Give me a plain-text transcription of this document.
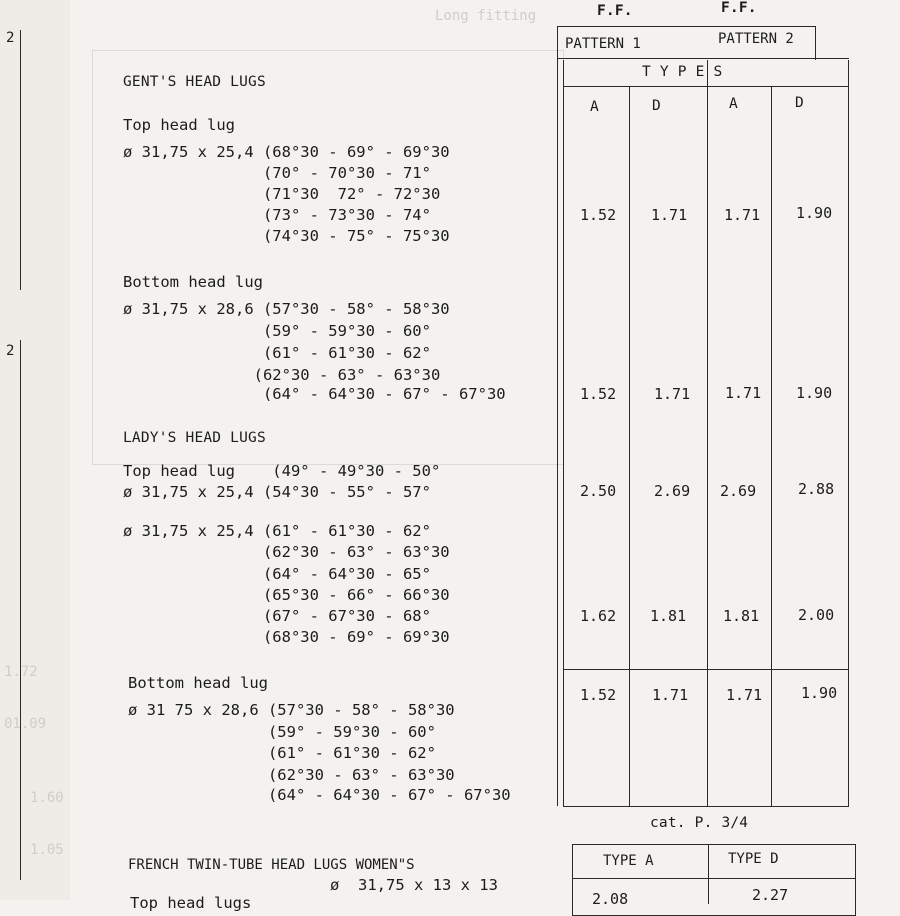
2
2
1.72
01.09
1.60
1.05
Long fitting	F.F.	F.F.
PATTERN 1	PATTERN 2
T Y P E S
A	D	A	D
GENT'S HEAD LUGS
Top head lug
ø 31,75 x 25,4 (68°30 - 69° - 69°30
(70° - 70°30 - 71°
(71°30  72° - 72°30
(73° - 73°30 - 74°
(74°30 - 75° - 75°30
1.52 1.71 1.71 1.90
Bottom head lug
ø 31,75 x 28,6 (57°30 - 58° - 58°30
(59° - 59°30 - 60°
(61° - 61°30 - 62°
(62°30 - 63° - 63°30
(64° - 64°30 - 67° - 67°30	1.52	1.71 1.71 1.90
LADY'S HEAD LUGS
Top head lug    (49° - 49°30 - 50°
ø 31,75 x 25,4 (54°30 - 55° - 57°	2.50	2.69 2.69	2.88
ø 31,75 x 25,4 (61° - 61°30 - 62°
(62°30 - 63° - 63°30
(64° - 64°30 - 65°
(65°30 - 66° - 66°30
(67° - 67°30 - 68°
(68°30 - 69° - 69°30
1.62 1.81 1.81	2.00
Bottom head lug
ø 31 75 x 28,6 (57°30 - 58° - 58°30
(59° - 59°30 - 60°
(61° - 61°30 - 62°
(62°30 - 63° - 63°30
(64° - 64°30 - 67° - 67°30
1.52 1.71	1.71	1.90
cat. P. 3/4
FRENCH TWIN-TUBE HEAD LUGS WOMEN"S
ø  31,75 x 13 x 13
Top head lugs
TYPE A	TYPE D
2.08	2.27
